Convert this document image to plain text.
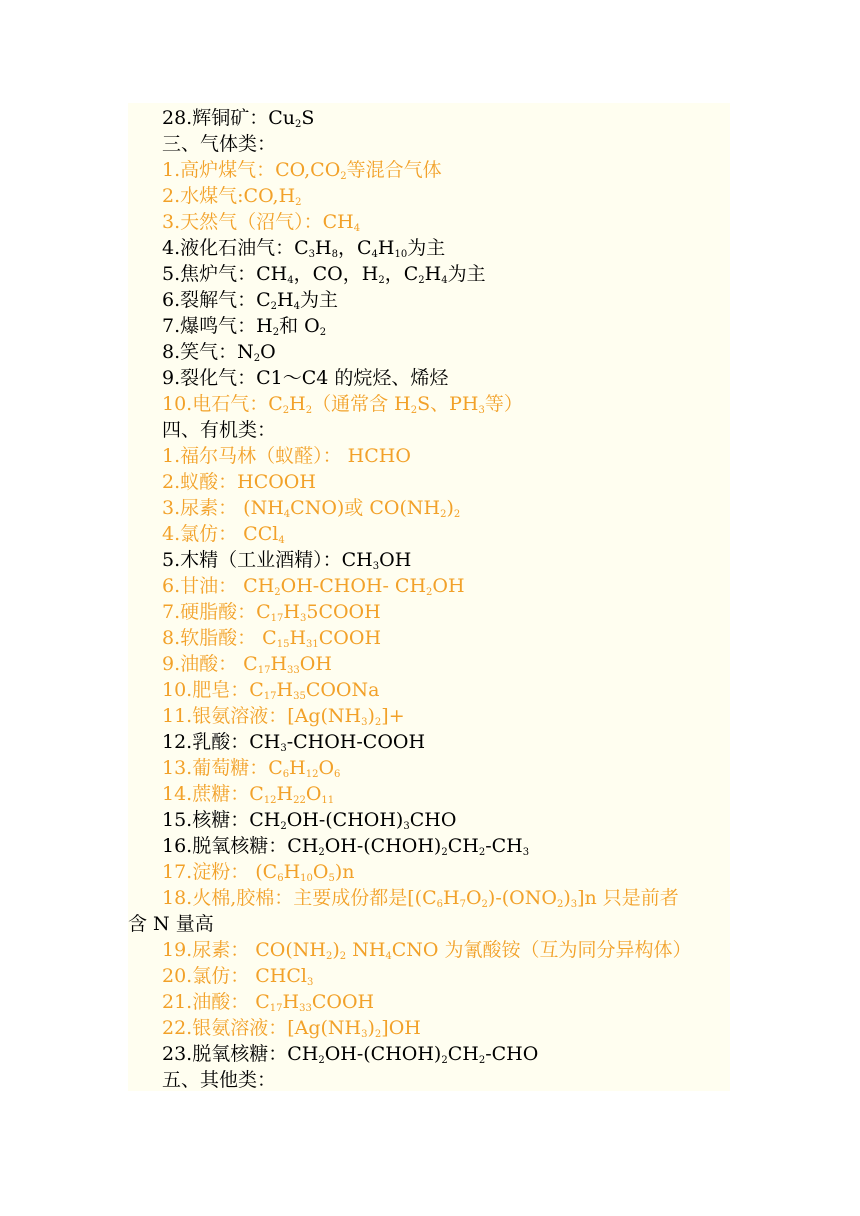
28.辉铜矿：$Cu_2S$
三、气体类：
1.高炉煤气：$CO,CO_2$等混合气体
2.水煤气$:CO,H_2$
3.天然气（沼气）：$CH_4$
4.液化石油气：$C_3H_8$，$C_4H_{10}$为主
5.焦炉气：$CH_4$，CO，$H_2$，$C_2H_4$为主
6.裂解气：$C_2H_4$为主
7.爆鸣气：$H_2$和 $O_2$
8.笑气：$N_2O$
9.裂化气：C1～C4 的烷烃、烯烃
10.电石气：$C_2H_2$（通常含 $H_2S$、$PH_3$等）
四、有机类：
1.福尔马林（蚁醛）： HCHO
2.蚁酸：HCOOH
3.尿素： $(NH_4CNO)$或 $CO(NH_2)_2$
4.氯仿： CCl$_4$
5.木精（工业酒精）：$CH_3OH$
6.甘油： $CH_2OH-CHOH-$ $CH_2OH$
7.硬脂酸：$C_{17}H_35COOH$
8.软脂酸： $C_{15}H_{31}COOH$
9.油酸： $C_{17}H_{33}OH$
10.肥皂：$C_{17}H_{35}COONa$
11.银氨溶液：$[Ag(NH_3)_2]+$
12.乳酸：$CH_3-CHOH$-COOH
13.葡萄糖：$C_6H_{12}O_6$
14.蔗糖：$C_{12}H_{22}O_{11}$
15.核糖：$CH_2OH-(CHOH)_3CHO$
16.脱氧核糖：$CH_2OH-(CHOH)_2CH_2-CH_3$
17.淀粉： $(C_6H_{10}O_5)n$
18.火棉,胶棉：主要成份都是$[(C_6H_7O_2)-(ONO_2)_3]n$ 只是前者
含 N 量高
19.尿素： $CO(NH_2)_2$ $NH_4CNO$ 为氰酸铵（互为同分异构体）
20.氯仿： CHCl$_3$
21.油酸： $C_{17}H_{33}COOH$
22.银氨溶液：$[Ag(NH_3)_2]OH$
23.脱氧核糖：$CH_2OH-(CHOH)_2CH_2$-CHO
五、其他类：
